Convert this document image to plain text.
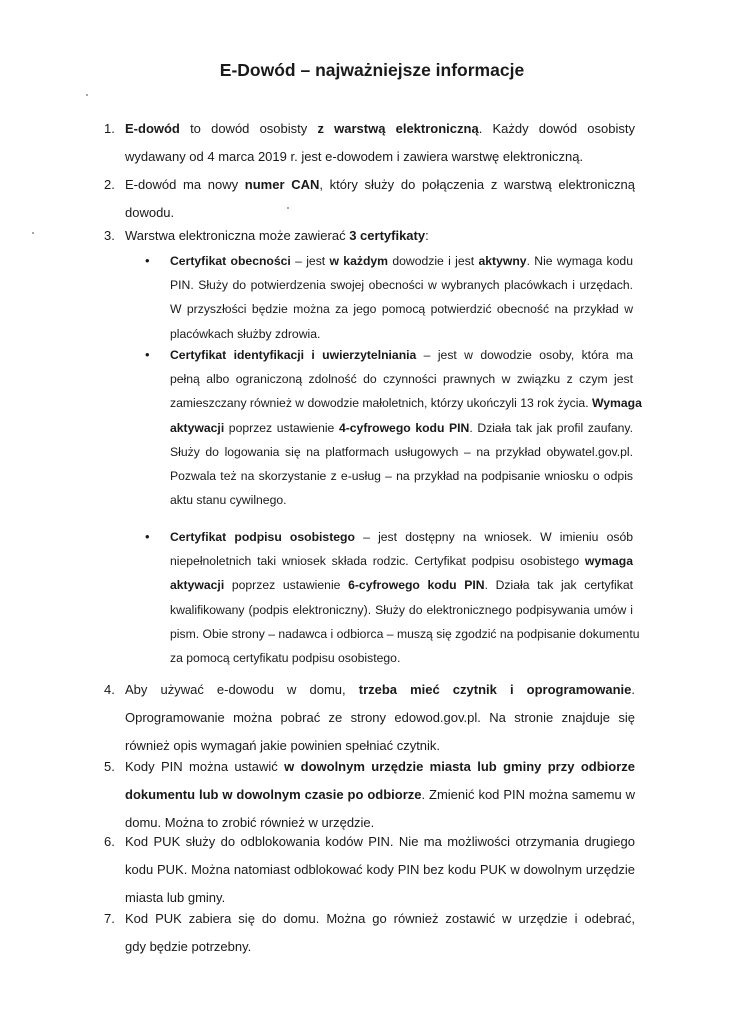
E-Dowód – najważniejsze informacje
1. E-dowód to dowód osobisty z warstwą elektroniczną. Każdy dowód osobisty
wydawany od 4 marca 2019 r. jest e-dowodem i zawiera warstwę elektroniczną.
2. E-dowód ma nowy numer CAN, który służy do połączenia z warstwą elektroniczną
dowodu.
3. Warstwa elektroniczna może zawierać 3 certyfikaty:
• Certyfikat obecności – jest w każdym dowodzie i jest aktywny. Nie wymaga kodu
PIN. Służy do potwierdzenia swojej obecności w wybranych placówkach i urzędach.
W przyszłości będzie można za jego pomocą potwierdzić obecność na przykład w
placówkach służby zdrowia.
• Certyfikat identyfikacji i uwierzytelniania – jest w dowodzie osoby, która ma
pełną albo ograniczoną zdolność do czynności prawnych w związku z czym jest
zamieszczany również w dowodzie małoletnich, którzy ukończyli 13 rok życia. Wymaga
aktywacji poprzez ustawienie 4-cyfrowego kodu PIN. Działa tak jak profil zaufany.
Służy do logowania się na platformach usługowych – na przykład obywatel.gov.pl.
Pozwala też na skorzystanie z e-usług – na przykład na podpisanie wniosku o odpis
aktu stanu cywilnego.
• Certyfikat podpisu osobistego – jest dostępny na wniosek. W imieniu osób
niepełnoletnich taki wniosek składa rodzic. Certyfikat podpisu osobistego wymaga
aktywacji poprzez ustawienie 6-cyfrowego kodu PIN. Działa tak jak certyfikat
kwalifikowany (podpis elektroniczny). Służy do elektronicznego podpisywania umów i
pism. Obie strony – nadawca i odbiorca – muszą się zgodzić na podpisanie dokumentu
za pomocą certyfikatu podpisu osobistego.
4. Aby używać e-dowodu w domu, trzeba mieć czytnik i oprogramowanie.
Oprogramowanie można pobrać ze strony edowod.gov.pl. Na stronie znajduje się
również opis wymagań jakie powinien spełniać czytnik.
5. Kody PIN można ustawić w dowolnym urzędzie miasta lub gminy przy odbiorze
dokumentu lub w dowolnym czasie po odbiorze. Zmienić kod PIN można samemu w
domu. Można to zrobić również w urzędzie.
6. Kod PUK służy do odblokowania kodów PIN. Nie ma możliwości otrzymania drugiego
kodu PUK. Można natomiast odblokować kody PIN bez kodu PUK w dowolnym urzędzie
miasta lub gminy.
7. Kod PUK zabiera się do domu. Można go również zostawić w urzędzie i odebrać,
gdy będzie potrzebny.
